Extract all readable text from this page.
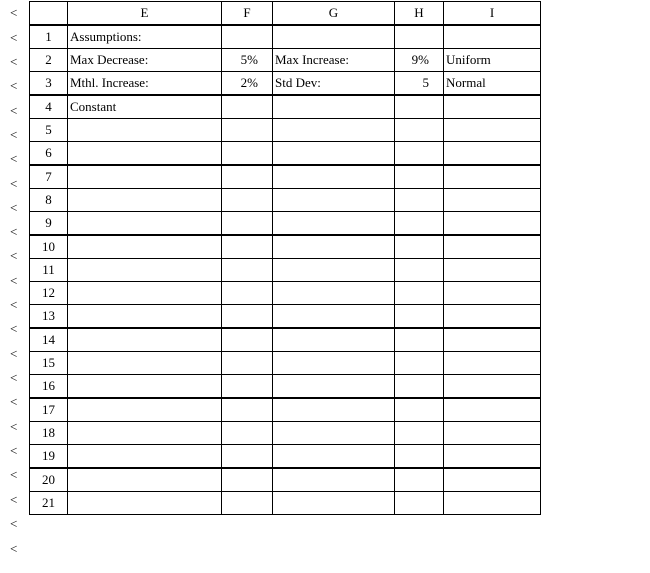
<
<
<
<
<
<
<
<
<
<
<
<
<
<
<
<
<
<
<
<
<
<
<
	E	F	G	H	I
1	Assumptions:				
2	Max Decrease:	5%	Max Increase:	9%	Uniform
3	Mthl. Increase:	2%	Std Dev:	5	Normal
4	Constant				
5					
6					
7					
8					
9					
10					
11					
12					
13					
14					
15					
16					
17					
18					
19					
20					
21					
